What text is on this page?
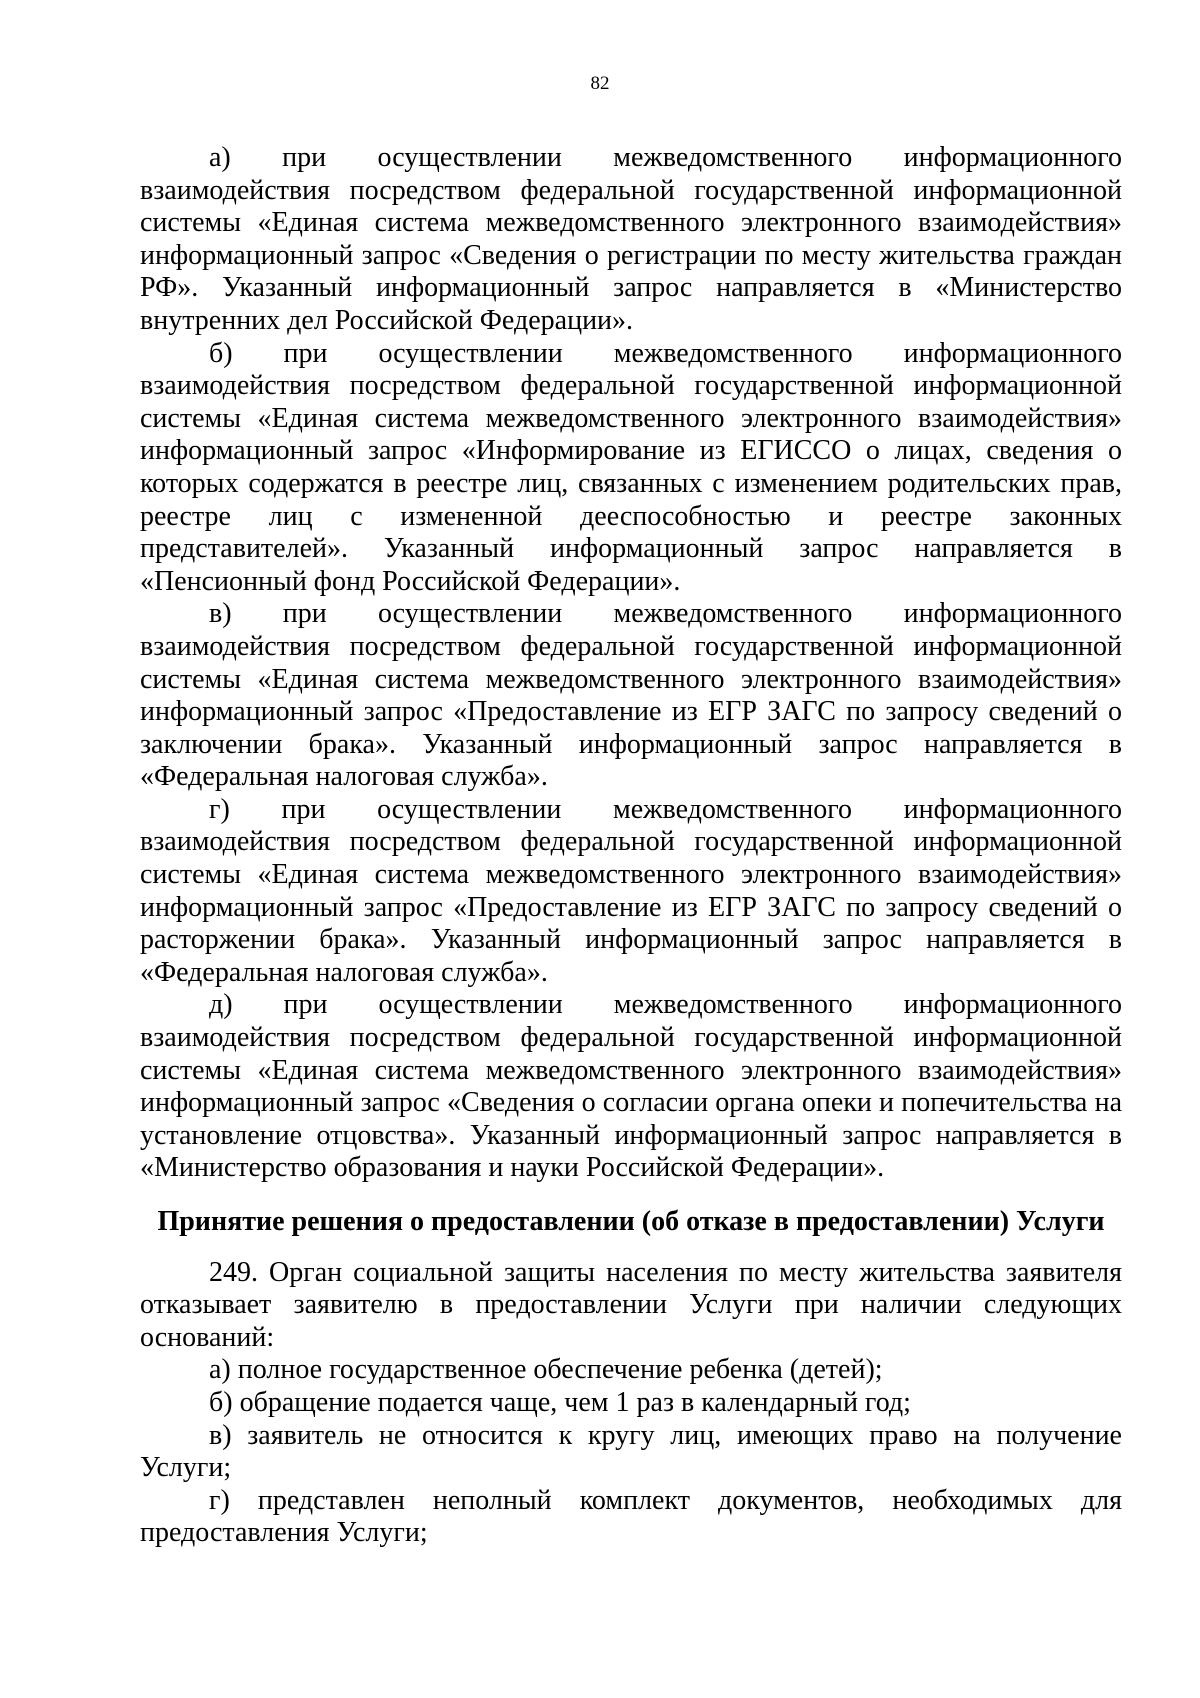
82

а) при осуществлении межведомственного информационного взаимодействия посредством федеральной государственной информационной системы «Единая система межведомственного электронного взаимодействия» информационный запрос «Сведения о регистрации по месту жительства граждан РФ». Указанный информационный запрос направляется в «Министерство внутренних дел Российской Федерации».

б) при осуществлении межведомственного информационного взаимодействия посредством федеральной государственной информационной системы «Единая система межведомственного электронного взаимодействия» информационный запрос «Информирование из ЕГИССО о лицах, сведения о которых содержатся в реестре лиц, связанных с изменением родительских прав, реестре лиц с измененной дееспособностью и реестре законных представителей». Указанный информационный запрос направляется в «Пенсионный фонд Российской Федерации».

в) при осуществлении межведомственного информационного взаимодействия посредством федеральной государственной информационной системы «Единая система межведомственного электронного взаимодействия» информационный запрос «Предоставление из ЕГР ЗАГС по запросу сведений о заключении брака». Указанный информационный запрос направляется в «Федеральная налоговая служба».

г) при осуществлении межведомственного информационного взаимодействия посредством федеральной государственной информационной системы «Единая система межведомственного электронного взаимодействия» информационный запрос «Предоставление из ЕГР ЗАГС по запросу сведений о расторжении брака». Указанный информационный запрос направляется в «Федеральная налоговая служба».

д) при осуществлении межведомственного информационного взаимодействия посредством федеральной государственной информационной системы «Единая система межведомственного электронного взаимодействия» информационный запрос «Сведения о согласии органа опеки и попечительства на установление отцовства». Указанный информационный запрос направляется в «Министерство образования и науки Российской Федерации».

Принятие решения о предоставлении (об отказе в предоставлении) Услуги

249. Орган социальной защиты населения по месту жительства заявителя отказывает заявителю в предоставлении Услуги при наличии следующих оснований:

а) полное государственное обеспечение ребенка (детей);

б) обращение подается чаще, чем 1 раз в календарный год;

в) заявитель не относится к кругу лиц, имеющих право на получение Услуги;

г) представлен неполный комплект документов, необходимых для предоставления Услуги;
